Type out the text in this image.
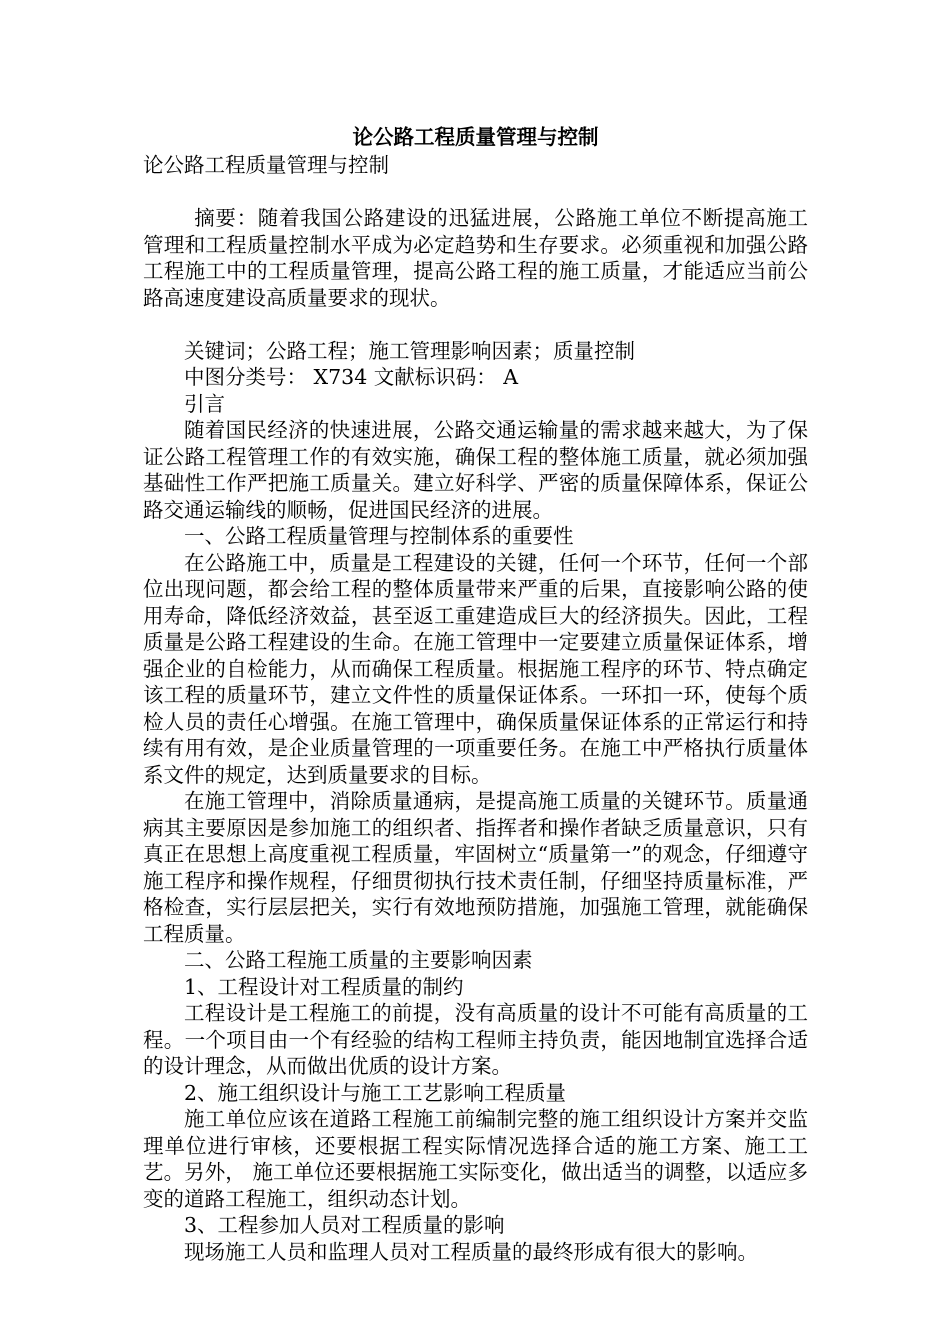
论公路工程质量管理与控制

论公路工程质量管理与控制

摘要：随着我国公路建设的迅猛进展，公路施工单位不断提高施工管理和工程质量控制水平成为必定趋势和生存要求。必须重视和加强公路工程施工中的工程质量管理，提高公路工程的施工质量，才能适应当前公路高速度建设高质量要求的现状。

关键词；公路工程；施工管理影响因素；质量控制

中图分类号： X734 文献标识码： A

引言

随着国民经济的快速进展，公路交通运输量的需求越来越大，为了保证公路工程管理工作的有效实施，确保工程的整体施工质量，就必须加强基础性工作严把施工质量关。建立好科学、严密的质量保障体系，保证公路交通运输线的顺畅，促进国民经济的进展。

一、公路工程质量管理与控制体系的重要性

在公路施工中，质量是工程建设的关键，任何一个环节，任何一个部位出现问题，都会给工程的整体质量带来严重的后果，直接影响公路的使用寿命，降低经济效益，甚至返工重建造成巨大的经济损失。因此，工程质量是公路工程建设的生命。在施工管理中一定要建立质量保证体系，增强企业的自检能力，从而确保工程质量。根据施工程序的环节、特点确定该工程的质量环节，建立文件性的质量保证体系。一环扣一环，使每个质检人员的责任心增强。在施工管理中，确保质量保证体系的正常运行和持续有用有效，是企业质量管理的一项重要任务。在施工中严格执行质量体系文件的规定，达到质量要求的目标。

在施工管理中，消除质量通病，是提高施工质量的关键环节。质量通病其主要原因是参加施工的组织者、指挥者和操作者缺乏质量意识，只有真正在思想上高度重视工程质量，牢固树立“质量第一”的观念，仔细遵守施工程序和操作规程，仔细贯彻执行技术责任制，仔细坚持质量标准，严格检查，实行层层把关，实行有效地预防措施，加强施工管理，就能确保工程质量。

二、公路工程施工质量的主要影响因素

1、工程设计对工程质量的制约

工程设计是工程施工的前提，没有高质量的设计不可能有高质量的工程。一个项目由一个有经验的结构工程师主持负责，能因地制宜选择合适的设计理念，从而做出优质的设计方案。

2、施工组织设计与施工工艺影响工程质量

施工单位应该在道路工程施工前编制完整的施工组织设计方案并交监理单位进行审核，还要根据工程实际情况选择合适的施工方案、施工工艺。另外， 施工单位还要根据施工实际变化，做出适当的调整，以适应多变的道路工程施工，组织动态计划。

3、工程参加人员对工程质量的影响

现场施工人员和监理人员对工程质量的最终形成有很大的影响。
